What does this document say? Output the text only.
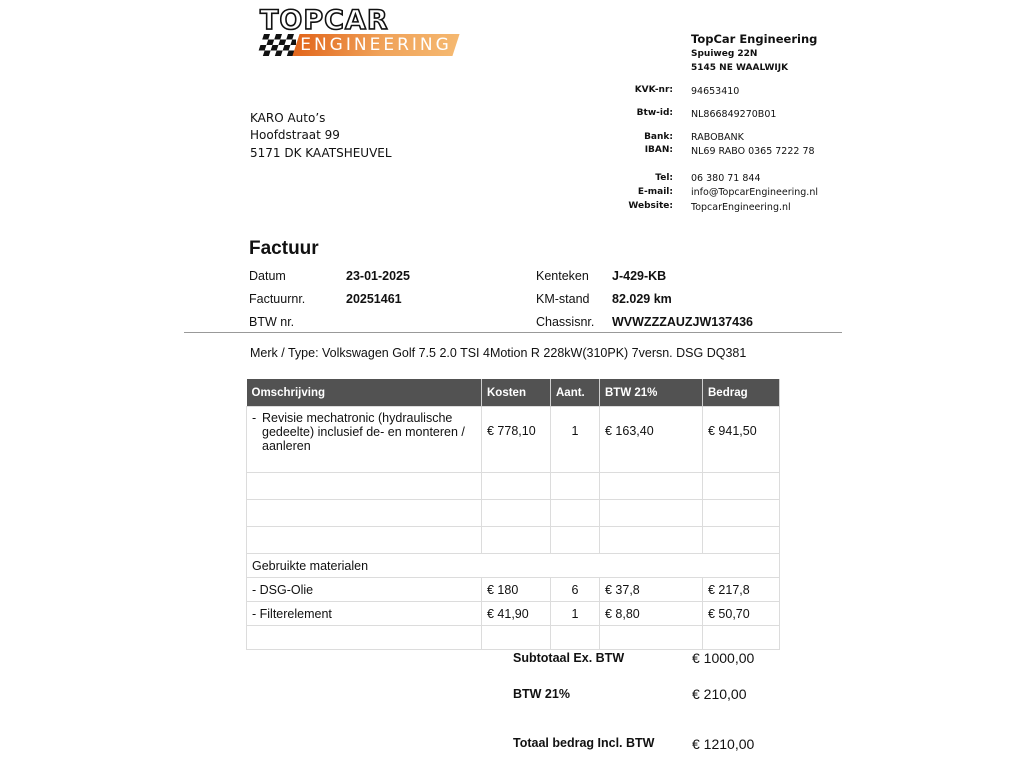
ENGINEERING
TOPCAR
TopCar Engineering
Spuiweg 22N
5145 NE WAALWIJK
KVK-nr: 94653410
Btw-id: NL866849270B01
Bank: RABOBANK
IBAN: NL69 RABO 0365 7222 78
Tel: 06 380 71 844
E-mail: info@TopcarEngineering.nl
Website: TopcarEngineering.nl
KARO Auto’s
Hoofdstraat 99
5171 DK KAATSHEUVEL
Factuur
Datum	23-01-2025
Factuurnr.	20251461
BTW nr.
Kenteken J-429-KB
KM-stand 82.029 km
Chassisnr. WVWZZZAUZJW137436
Merk / Type: Volkswagen Golf 7.5 2.0 TSI 4Motion R 228kW(310PK) 7versn. DSG DQ381
Omschrijving	Kosten	Aant.	BTW 21%	Bedrag

- Revisie mechatronic (hydraulische gedeelte) inclusief de- en monteren / aanleren	€ 778,10	1	€ 163,40	€ 941,50

Gebruikte materialen				
- DSG-Olie	€ 180	6	€ 37,8	€ 217,8
- Filterelement	€ 41,90	1	€ 8,80	€ 50,70

Subtotaal Ex. BTW	€ 1000,00
BTW 21%	€ 210,00
Totaal bedrag Incl. BTW	€ 1210,00
